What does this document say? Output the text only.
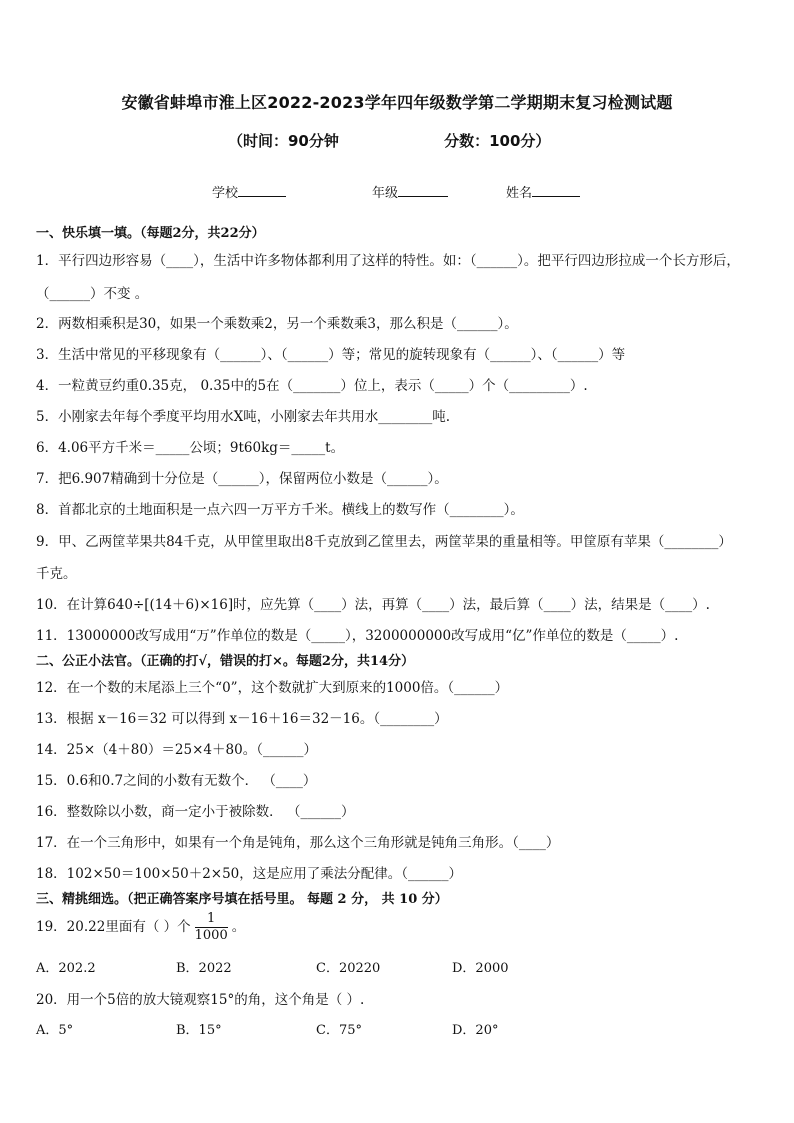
安徽省蚌埠市淮上区2022-2023学年四年级数学第二学期期末复习检测试题
（时间：90分钟	分数：100分）
学校	年级	姓名
一、快乐填一填。（每题2分，共22分）
1．平行四边形容易（____），生活中许多物体都利用了这样的特性。如：（______）。把平行四边形拉成一个长方形后，
（______）不变 。
2．两数相乘积是30，如果一个乘数乘2，另一个乘数乘3，那么积是（______）。
3．生活中常见的平移现象有（______）、（______）等；常见的旋转现象有（______）、（______）等
4．一粒黄豆约重0.35克， 0.35中的5在（_______）位上，表示（_____）个（_________）.
5．小刚家去年每个季度平均用水X吨，小刚家去年共用水________吨.
6．4.06平方千米＝_____公顷；9t60kg＝_____t。
7．把6.907精确到十分位是（______），保留两位小数是（______）。
8．首都北京的土地面积是一点六四一万平方千米。横线上的数写作（________）。
9．甲、乙两筐苹果共84千克，从甲筐里取出8千克放到乙筐里去，两筐苹果的重量相等。甲筐原有苹果（________）
千克。
10．在计算640÷[(14＋6)×16]时，应先算（____）法，再算（____）法，最后算（____）法，结果是（____）.
11．13000000改写成用“万”作单位的数是（_____），3200000000改写成用“亿”作单位的数是（_____）.
二、公正小法官。（正确的打√，错误的打×。每题2分，共14分）
12．在一个数的末尾添上三个“0”，这个数就扩大到原来的1000倍。（______）
13．根据 x－16＝32 可以得到 x－16＋16＝32－16。（________）
14．25×（4＋80）＝25×4＋80。（______）
15．0.6和0.7之间的小数有无数个． （____）
16．整数除以小数，商一定小于被除数． （______）
17．在一个三角形中，如果有一个角是钝角，那么这个三角形就是钝角三角形。（____）
18．102×50＝100×50＋2×50，这是应用了乘法分配律。（______）
三、精挑细选。（把正确答案序号填在括号里。 每题 2 分， 共 10 分）
19．20.22里面有（ ）个 $\frac{1}{1000}$ 。
A．202.2	B．2022	C．20220	D．2000
20．用一个5倍的放大镜观察15°的角，这个角是（ ）.
A．5°	B．15°	C．75°	D．20°
